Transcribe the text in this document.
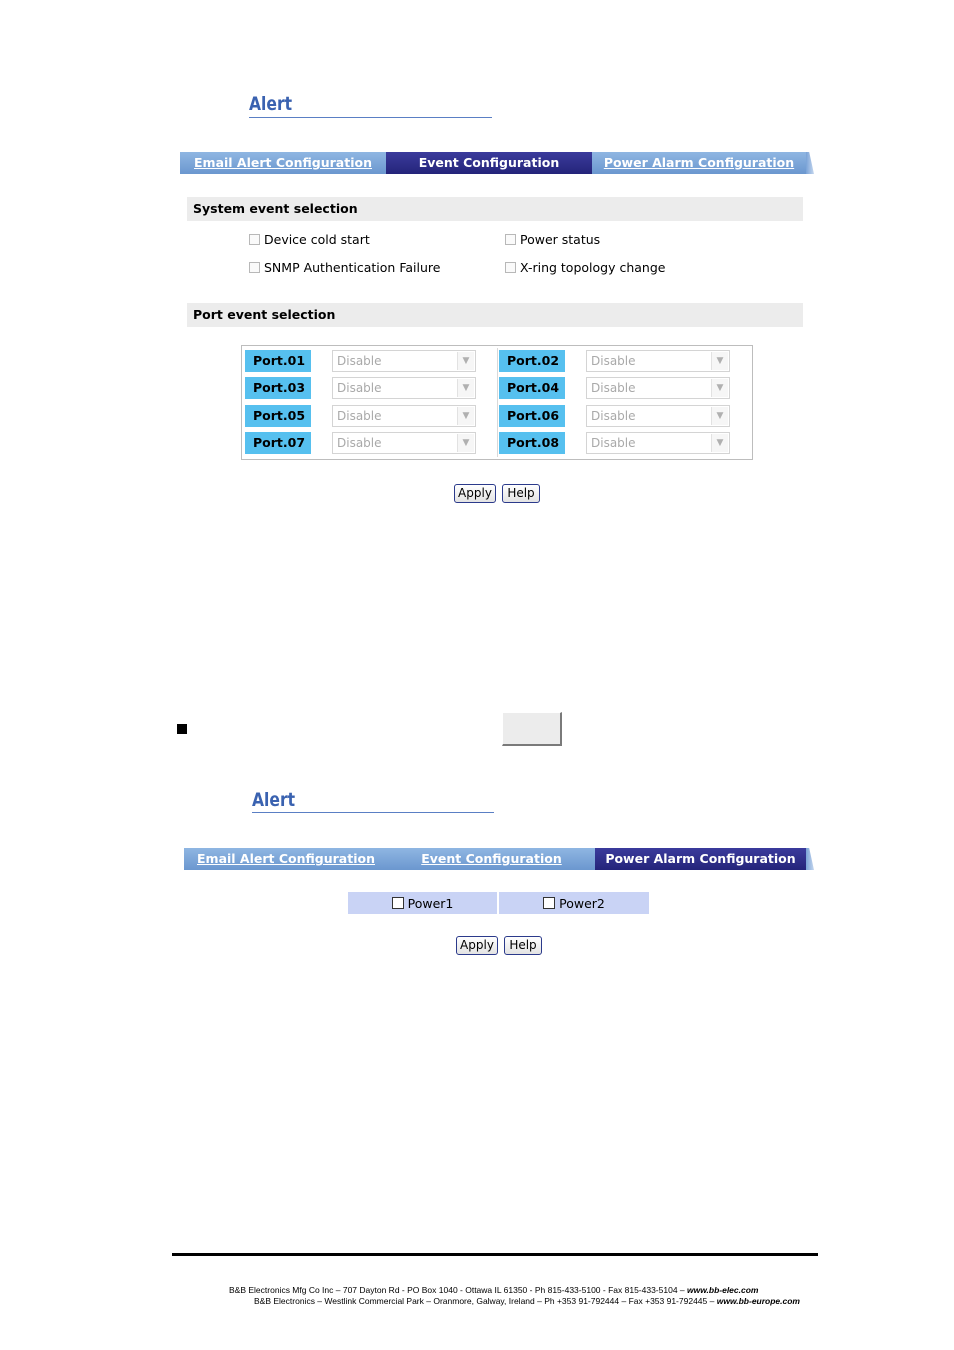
Alert
Email Alert Configuration	Event Configuration	Power Alarm Configuration
System event selection
Device cold start	Power status
SNMP Authentication Failure	X-ring topology change
Port event selection
Port.01	Disable	▼	Port.02	Disable	▼
Port.03	Disable	▼	Port.04	Disable	▼
Port.05	Disable	▼	Port.06	Disable	▼
Port.07	Disable	▼	Port.08	Disable	▼
Apply	Help
Alert
Email Alert Configuration	Event Configuration	Power Alarm Configuration
Power1	Power2
Apply	Help
B&B Electronics Mfg Co Inc – 707 Dayton Rd - PO Box 1040 - Ottawa IL 61350 - Ph 815-433-5100 - Fax 815-433-5104 – www.bb-elec.com
B&B Electronics – Westlink Commercial Park – Oranmore, Galway, Ireland – Ph +353 91-792444 – Fax +353 91-792445 – www.bb-europe.com
